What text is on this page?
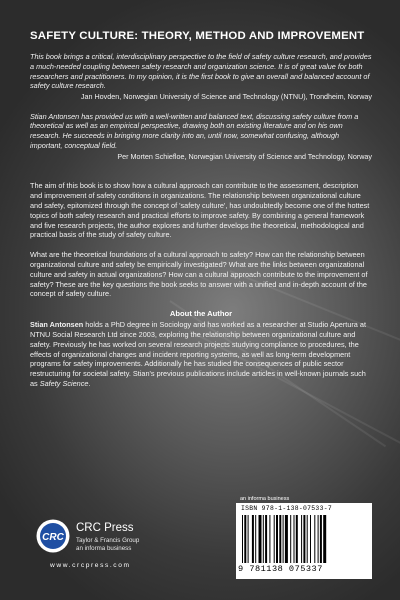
SAFETY CULTURE: THEORY, METHOD AND IMPROVEMENT

This book brings a critical, interdisciplinary perspective to the field of safety culture research, and provides a much-needed coupling between safety research and organization science. It is of great value for both researchers and practitioners. In my opinion, it is the first book to give an overall and balanced account of safety culture research.

Jan Hovden, Norwegian University of Science and Technology (NTNU), Trondheim, Norway

Stian Antonsen has provided us with a well-written and balanced text, discussing safety culture from a theoretical as well as an empirical perspective, drawing both on existing literature and on his own research. He succeeds in bringing more clarity into an, until now, somewhat confusing, although important, conceptual field.

Per Morten Schiefloe, Norwegian University of Science and Technology, Norway

The aim of this book is to show how a cultural approach can contribute to the assessment, description and improvement of safety conditions in organizations. The relationship between organizational culture and safety, epitomized through the concept of 'safety culture', has undoubtedly become one of the hottest topics of both safety research and practical efforts to improve safety. By combining a general framework and five research projects, the author explores and further develops the theoretical, methodological and practical basis of the study of safety culture.

What are the theoretical foundations of a cultural approach to safety? How can the relationship between organizational culture and safety be empirically investigated? What are the links between organizational culture and safety in actual organizations? How can a cultural approach contribute to the improvement of safety? These are the key questions the book seeks to answer with a unified and in-depth account of the concept of safety culture.

About the Author

Stian Antonsen holds a PhD degree in Sociology and has worked as a researcher at Studio Apertura at NTNU Social Research Ltd since 2003, exploring the relationship between organizational culture and safety. Previously he has worked on several research projects studying compliance to procedures, the effects of organizational changes and incident reporting systems, as well as long-term development programs for safety improvements. Additionally he has studied the consequences of public sector restructuring for societal safety. Stian's previous publications include articles in well-known journals such as Safety Science.

CRC
CRC Press
Taylor & Francis Group
an informa business
www.crcpress.com
an informa business
ISBN 978-1-138-07533-7
9 781138 075337
